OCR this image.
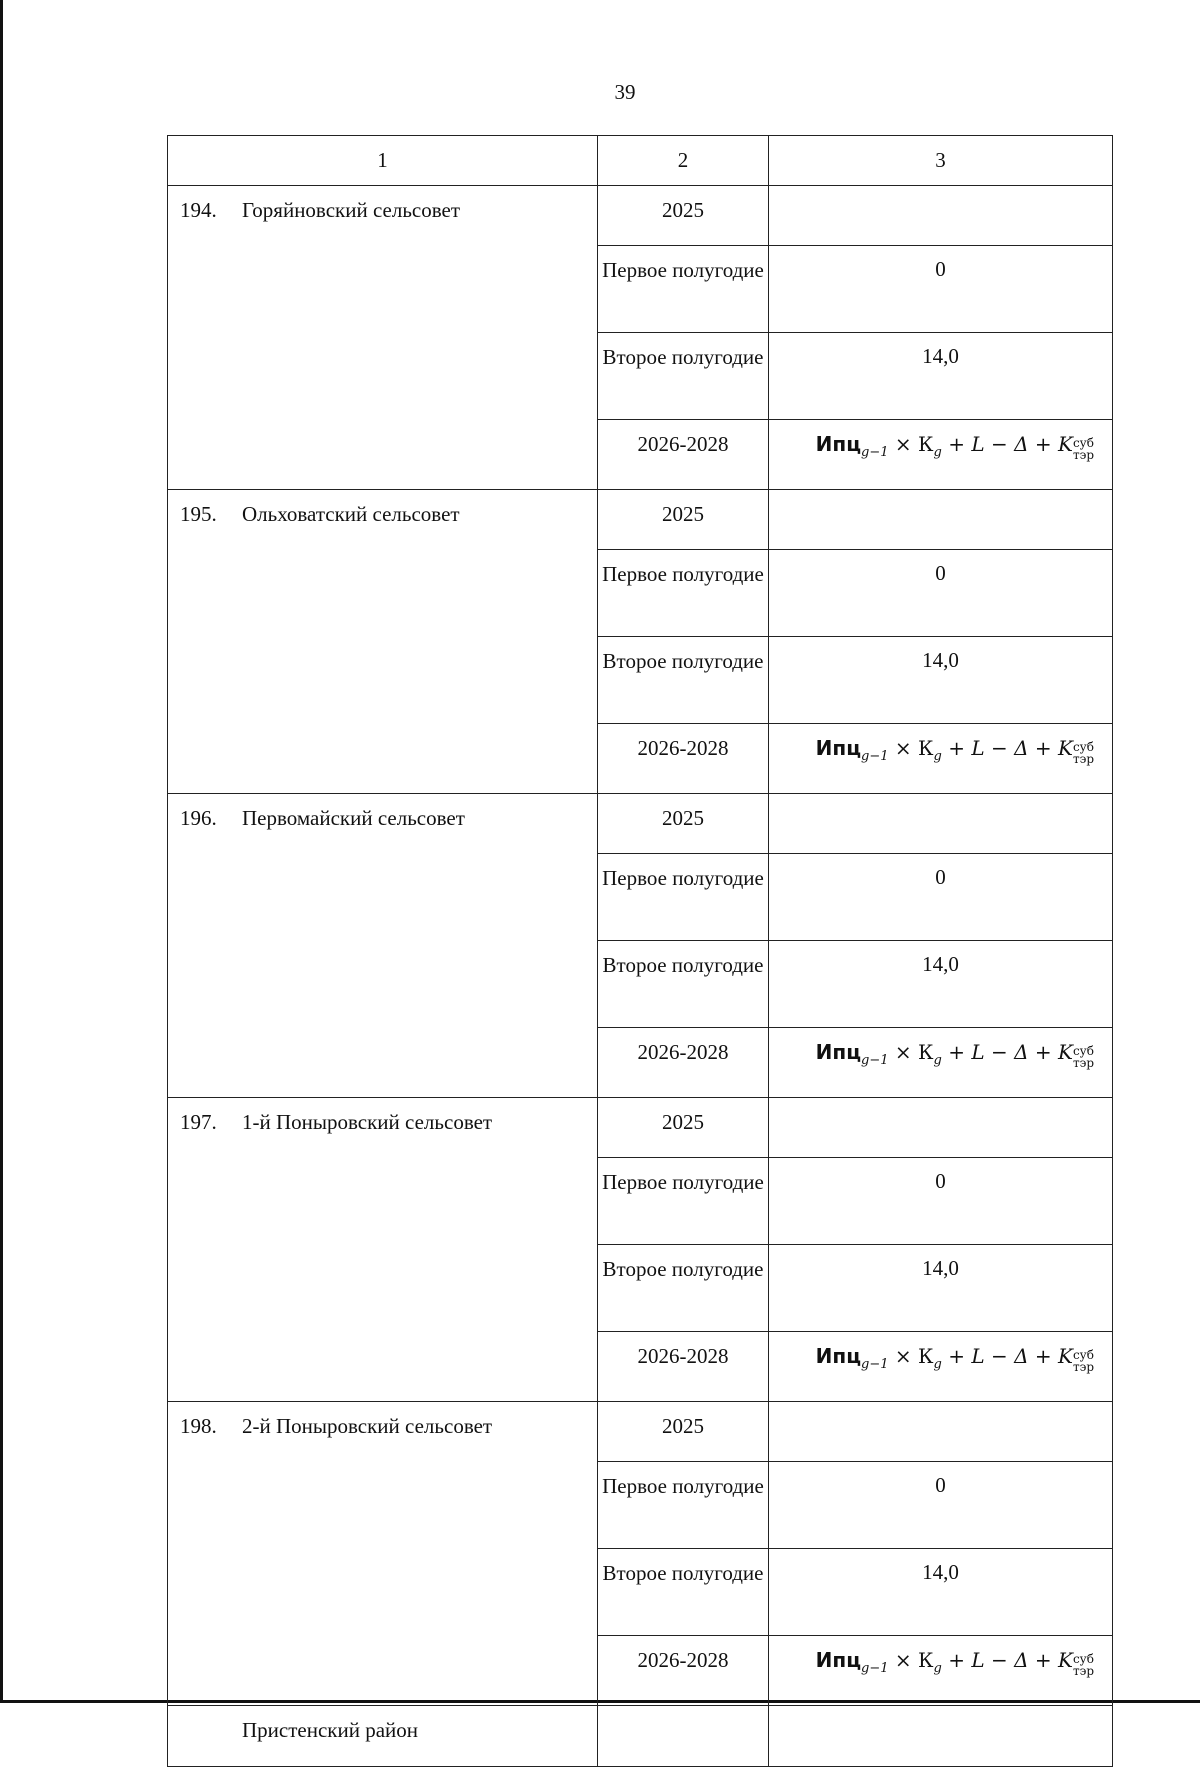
39
1	2	3
194. Горяйновский сельсовет	2025	
	Первое полугодие	0
	Второе полугодие	14,0
	2026-2028	$Ипц_{g-1} \times К_g + L - \Delta + K$ суб
тэр

195. Ольховатский сельсовет	2025	
	Первое полугодие	0
	Второе полугодие	14,0
	2026-2028	$Ипц_{g-1} \times К_g + L - \Delta + K$ суб
тэр

196. Первомайский сельсовет	2025	
	Первое полугодие	0
	Второе полугодие	14,0
	2026-2028	$Ипц_{g-1} \times К_g + L - \Delta + K$ суб
тэр

197. 1-й Поныровский сельсовет	2025	
	Первое полугодие	0
	Второе полугодие	14,0
	2026-2028	$Ипц_{g-1} \times К_g + L - \Delta + K$ суб
тэр

198. 2-й Поныровский сельсовет	2025	
	Первое полугодие	0
	Второе полугодие	14,0
	2026-2028	$Ипц_{g-1} \times К_g + L - \Delta + K$ суб
тэр

Пристенский район		
